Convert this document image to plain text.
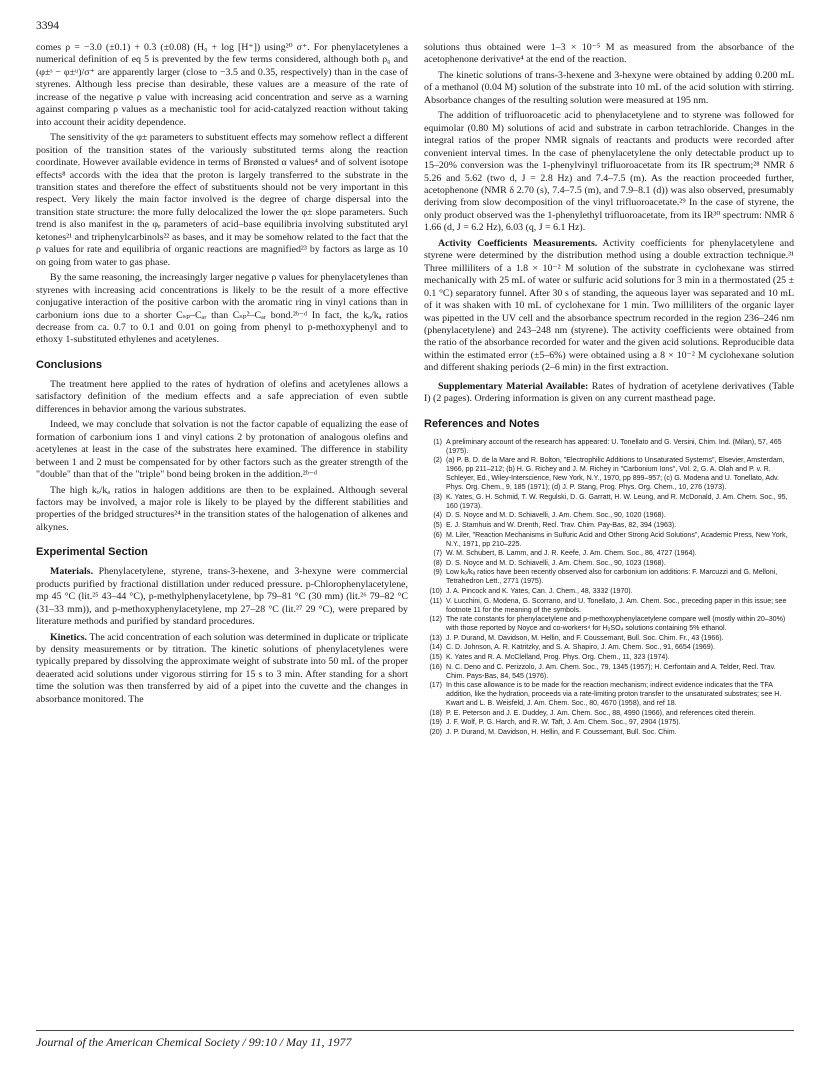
3394

comes ρ = −3.0 (±0.1) + 0.3 (±0.08) (H₀ + log [H⁺]) using²⁰ σ⁺. For phenylacetylenes a numerical definition of eq 5 is prevented by the few terms considered, although both ρ₀ and (φ±ˢ − φ±ᵘ)/σ⁺ are apparently larger (close to −3.5 and 0.35, respectively) than in the case of styrenes. Although less precise than desirable, these values are a measure of the rate of increase of the negative ρ value with increasing acid concentration and serve as a warning against comparing ρ values as a mechanistic tool for acid-catalyzed reaction without taking into account their acidity dependence.

The sensitivity of the φ± parameters to substituent effects may somehow reflect a different position of the transition states of the variously substituted terms along the reaction coordinate. However available evidence in terms of Brønsted α values⁴ and of solvent isotope effects⁸ accords with the idea that the proton is largely transferred to the substrate in the transition states and therefore the effect of substituents should not be very important in this respect. Very likely the main factor involved is the degree of charge dispersal into the transition state structure: the more fully delocalized the lower the φ± slope parameters. Such trend is also manifest in the φₑ parameters of acid–base equilibria involving substituted aryl ketones²¹ and triphenylcarbinols²² as bases, and it may be somehow related to the fact that the ρ values for rate and equilibria of organic reactions are magnified²³ by factors as large as 10 on going from water to gas phase.

By the same reasoning, the increasingly larger negative ρ values for phenylacetylenes than styrenes with increasing acid concentrations is likely to be the result of a more effective conjugative interaction of the positive carbon with the aromatic ring in vinyl cations than in carbonium ions due to a shorter Cₛₚ–Cₐᵣ than Cₛₚ²–Cₐᵣ bond.²ᵇ⁻ᵈ In fact, the kₒ/kₐ ratios decrease from ca. 0.7 to 0.1 and 0.01 on going from phenyl to p-methoxyphenyl and to ethoxy 1-substituted ethylenes and acetylenes.

Conclusions

The treatment here applied to the rates of hydration of olefins and acetylenes allows a satisfactory definition of the medium effects and a safe appreciation of even subtle differences in behavior among the various substrates.

Indeed, we may conclude that solvation is not the factor capable of equalizing the ease of formation of carbonium ions 1 and vinyl cations 2 by protonation of analogous olefins and acetylenes at least in the case of the substrates here examined. The difference in stability between 1 and 2 must be compensated for by other factors such as the greater strength of the "double" than that of the "triple" bond being broken in the addition.²ᵇ⁻ᵈ

The high kₒ/kₐ ratios in halogen additions are then to be explained. Although several factors may be involved, a major role is likely to be played by the different stabilities and properties of the bridged structures²⁴ in the transition states of the halogenation of alkenes and alkynes.

Experimental Section

Materials. Phenylacetylene, styrene, trans-3-hexene, and 3-hexyne were commercial products purified by fractional distillation under reduced pressure. p-Chlorophenylacetylene, mp 45 °C (lit.²⁵ 43–44 °C), p-methylphenylacetylene, bp 79–81 °C (30 mm) (lit.²⁶ 79–82 °C (31–33 mm)), and p-methoxyphenylacetylene, mp 27–28 °C (lit.²⁷ 29 °C), were prepared by literature methods and purified by standard procedures.

Kinetics. The acid concentration of each solution was determined in duplicate or triplicate by density measurements or by titration. The kinetic solutions of phenylacetylenes were typically prepared by dissolving the approximate weight of substrate into 50 mL of the proper deaerated acid solutions under vigorous stirring for 15 s to 3 min. After standing for a short time the solution was then transferred by aid of a pipet into the cuvette and the changes in absorbance monitored. The

solutions thus obtained were 1–3 × 10⁻⁵ M as measured from the absorbance of the acetophenone derivative⁴ at the end of the reaction.

The kinetic solutions of trans-3-hexene and 3-hexyne were obtained by adding 0.200 mL of a methanol (0.04 M) solution of the substrate into 10 mL of the acid solution with stirring. Absorbance changes of the resulting solution were measured at 195 nm.

The addition of trifluoroacetic acid to phenylacetylene and to styrene was followed for equimolar (0.80 M) solutions of acid and substrate in carbon tetrachloride. Changes in the integral ratios of the proper NMR signals of reactants and products were recorded after convenient interval times. In the case of phenylacetylene the only detectable product up to 15–20% conversion was the 1-phenylvinyl trifluoroacetate from its IR spectrum;²⁸ NMR δ 5.26 and 5.62 (two d, J = 2.8 Hz) and 7.4–7.5 (m). As the reaction proceeded further, acetophenone (NMR δ 2.70 (s), 7.4–7.5 (m), and 7.9–8.1 (d)) was also observed, presumably deriving from slow decomposition of the vinyl trifluoroacetate.²⁹ In the case of styrene, the only product observed was the 1-phenylethyl trifluoroacetate, from its IR³⁰ spectrum: NMR δ 1.66 (d, J = 6.2 Hz), 6.03 (q, J = 6.1 Hz).

Activity Coefficients Measurements. Activity coefficients for phenylacetylene and styrene were determined by the distribution method using a double extraction technique.³¹ Three milliliters of a 1.8 × 10⁻² M solution of the substrate in cyclohexane was stirred mechanically with 25 mL of water or sulfuric acid solutions for 3 min in a thermostated (25 ± 0.1 °C) separatory funnel. After 30 s of standing, the aqueous layer was separated and 10 mL of it was shaken with 10 mL of cyclohexane for 1 min. Two milliliters of the organic layer was pipetted in the UV cell and the absorbance spectrum recorded in the region 236–246 nm (phenylacetylene) and 243–248 nm (styrene). The activity coefficients were obtained from the ratio of the absorbance recorded for water and the given acid solutions. Reproducible data within the estimated error (±5–6%) were obtained using a 8 × 10⁻² M cyclohexane solution and different shaking periods (2–6 min) in the first extraction.

Supplementary Material Available: Rates of hydration of acetylene derivatives (Table I) (2 pages). Ordering information is given on any current masthead page.

References and Notes
(1) A preliminary account of the research has appeared: U. Tonellato and G. Versini, Chim. Ind. (Milan), 57, 465 (1975).
(2) (a) P. B. D. de la Mare and R. Bolton, "Electrophilic Additions to Unsaturated Systems", Elsevier, Amsterdam, 1966, pp 211–212; (b) H. G. Richey and J. M. Richey in "Carbonium Ions", Vol. 2, G. A. Olah and P. v. R. Schleyer, Ed., Wiley-Interscience, New York, N.Y., 1970, pp 899–957; (c) G. Modena and U. Tonellato, Adv. Phys. Org. Chem., 9, 185 (1971); (d) J. P. Stang, Prog. Phys. Org. Chem., 10, 276 (1973).
(3) K. Yates, G. H. Schmid, T. W. Regulski, D. G. Garratt, H. W. Leung, and R. McDonald, J. Am. Chem. Soc., 95, 160 (1973).
(4) D. S. Noyce and M. D. Schiavelli, J. Am. Chem. Soc., 90, 1020 (1968).
(5) E. J. Stamhuis and W. Drenth, Recl. Trav. Chim. Pay-Bas, 82, 394 (1963).
(6) M. Liler, "Reaction Mechanisms in Sulfuric Acid and Other Strong Acid Solutions", Academic Press, New York, N.Y., 1971, pp 210–225.
(7) W. M. Schubert, B. Lamm, and J. R. Keefe, J. Am. Chem. Soc., 86, 4727 (1964).
(8) D. S. Noyce and M. D. Schiavelli, J. Am. Chem. Soc., 90, 1023 (1968).
(9) Low kₒ/kₐ ratios have been recently observed also for carbonium ion additions: F. Marcuzzi and G. Melloni, Tetrahedron Lett., 2771 (1975).
(10) J. A. Pincock and K. Yates, Can. J. Chem., 48, 3332 (1970).
(11) V. Lucchini, G. Modena, G. Scorrano, and U. Tonellato, J. Am. Chem. Soc., preceding paper in this issue; see footnote 11 for the meaning of the symbols.
(12) The rate constants for phenylacetylene and p-methoxyphenylacetylene compare well (mostly within 20–30%) with those reported by Noyce and co-workers⁴ for H₂SO₄ solutions containing 5% ethanol.
(13) J. P. Durand, M. Davidson, M. Hellin, and F. Coussemant, Bull. Soc. Chim. Fr., 43 (1966).
(14) C. D. Johnson, A. R. Katritzky, and S. A. Shapiro, J. Am. Chem. Soc., 91, 6654 (1969).
(15) K. Yates and R. A. McClelland, Prog. Phys. Org. Chem., 11, 323 (1974).
(16) N. C. Deno and C. Perizzolo, J. Am. Chem. Soc., 79, 1345 (1957); H. Cerfontain and A. Telder, Recl. Trav. Chim. Pays-Bas, 84, 545 (1976).
(17) In this case allowance is to be made for the reaction mechanism; indirect evidence indicates that the TFA addition, like the hydration, proceeds via a rate-limiting proton transfer to the unsaturated substrates; see H. Kwart and L. B. Weisfeld, J. Am. Chem. Soc., 80, 4670 (1958), and ref 18.
(18) P. E. Peterson and J. E. Duddey, J. Am. Chem. Soc., 88, 4990 (1966), and references cited therein.
(19) J. F. Wolf, P. G. Harch, and R. W. Taft, J. Am. Chem. Soc., 97, 2904 (1975).
(20) J. P. Durand, M. Davidson, H. Hellin, and F. Coussemant, Bull. Soc. Chim.
Journal of the American Chemical Society / 99:10 / May 11, 1977
